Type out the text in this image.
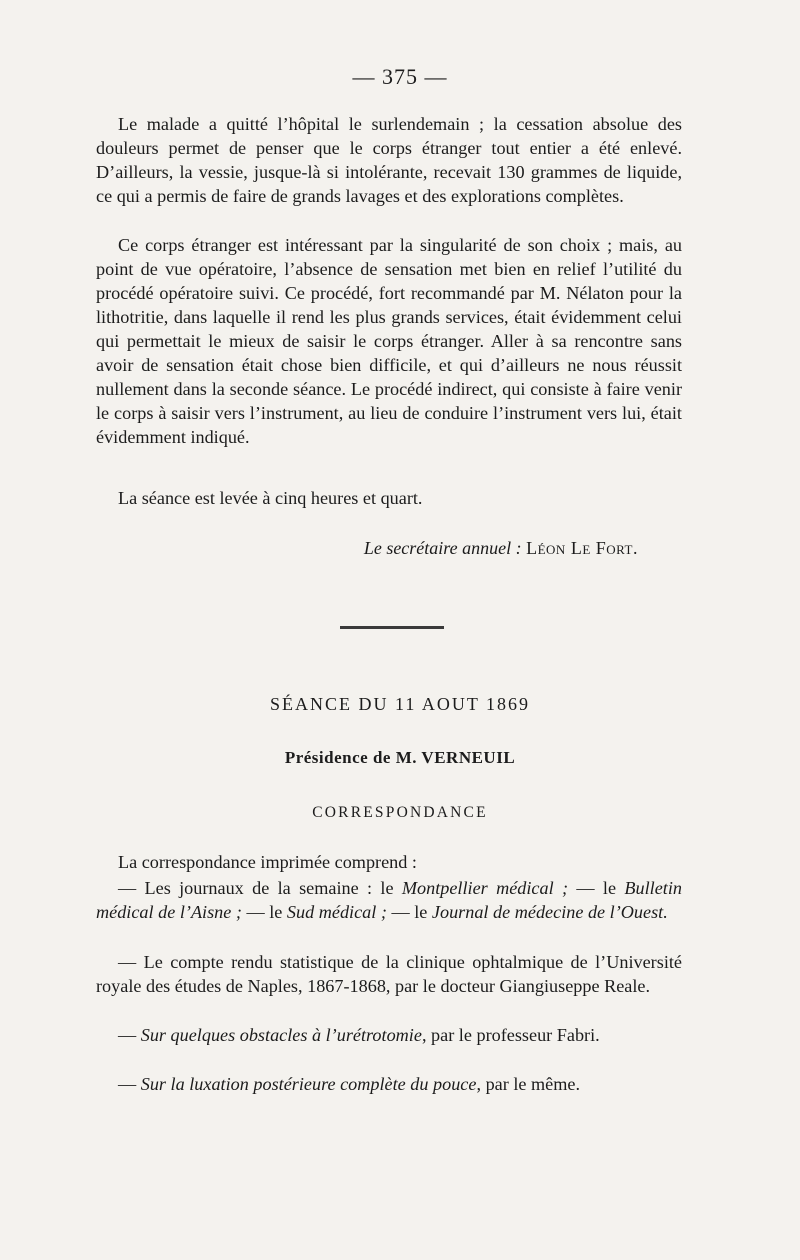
— 375 —

Le malade a quitté l’hôpital le surlendemain ; la cessation absolue des douleurs permet de penser que le corps étranger tout entier a été enlevé. D’ailleurs, la vessie, jusque-là si intolérante, recevait 130 grammes de liquide, ce qui a permis de faire de grands lavages et des explorations complètes.

Ce corps étranger est intéressant par la singularité de son choix ; mais, au point de vue opératoire, l’absence de sensation met bien en relief l’utilité du procédé opératoire suivi. Ce procédé, fort recommandé par M. Nélaton pour la lithotritie, dans laquelle il rend les plus grands services, était évidemment celui qui permettait le mieux de saisir le corps étranger. Aller à sa rencontre sans avoir de sensation était chose bien difficile, et qui d’ailleurs ne nous réussit nullement dans la seconde séance. Le procédé indirect, qui consiste à faire venir le corps à saisir vers l’instrument, au lieu de conduire l’instrument vers lui, était évidemment indiqué.

La séance est levée à cinq heures et quart.

Le secrétaire annuel : Léon Le Fort.
SÉANCE DU 11 AOUT 1869
Présidence de M. VERNEUIL
CORRESPONDANCE

La correspondance imprimée comprend :

— Les journaux de la semaine : le Montpellier médical ; — le Bulletin médical de l’Aisne ; — le Sud médical ; — le Journal de médecine de l’Ouest.

— Le compte rendu statistique de la clinique ophtalmique de l’Université royale des études de Naples, 1867-1868, par le docteur Giangiuseppe Reale.

— Sur quelques obstacles à l’urétrotomie, par le professeur Fabri.

— Sur la luxation postérieure complète du pouce, par le même.
